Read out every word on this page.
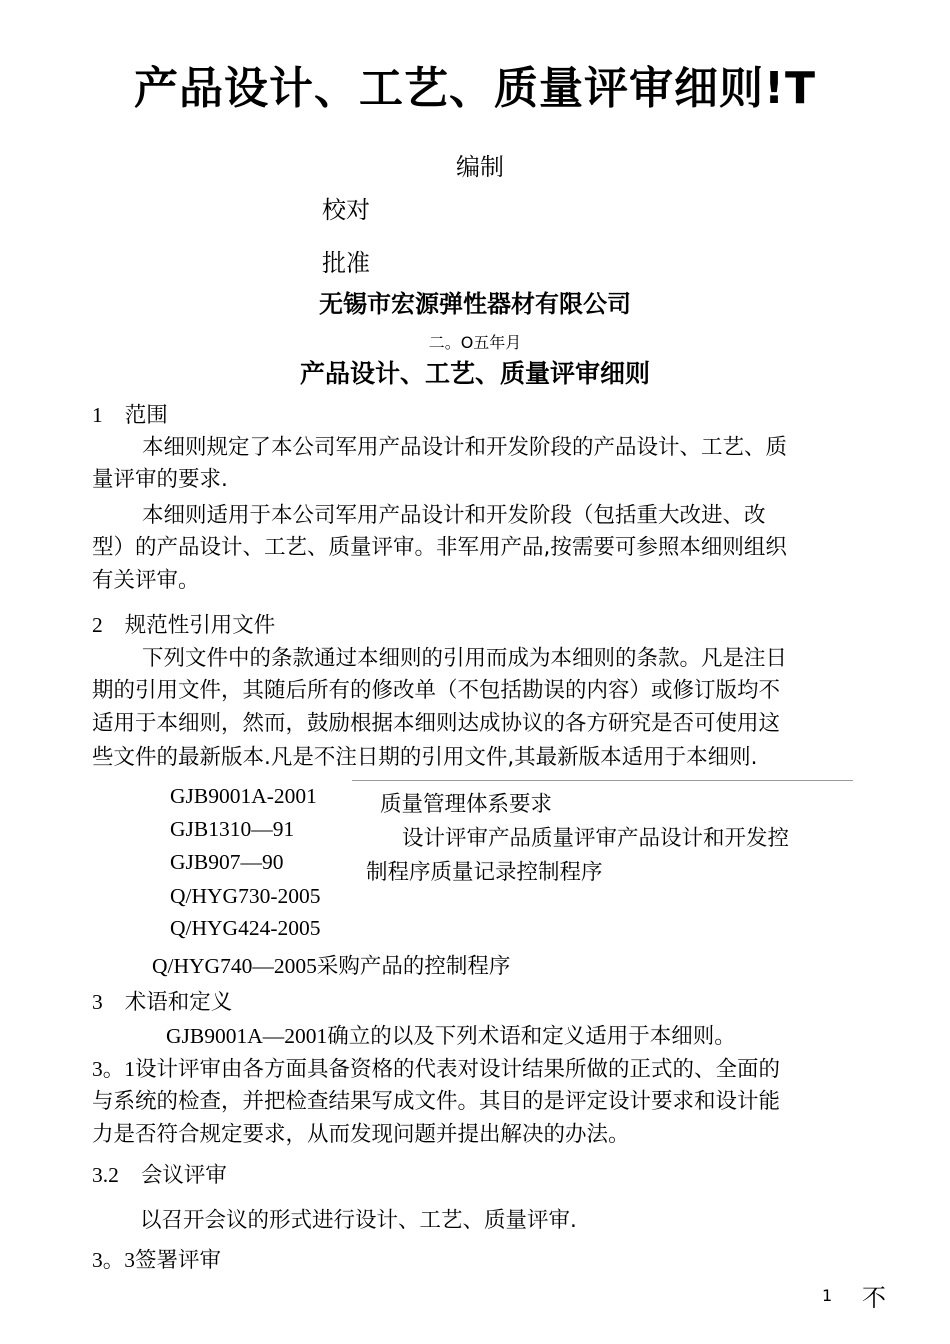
产品设计、工艺、质量评审细则!T
编制
校对
批准
无锡市宏源弹性器材有限公司
二。O五年月
产品设计、工艺、质量评审细则
1 范围
本细则规定了本公司军用产品设计和开发阶段的产品设计、工艺、质
量评审的要求.
本细则适用于本公司军用产品设计和开发阶段（包括重大改进、改
型）的产品设计、工艺、质量评审。非军用产品,按需要可参照本细则组织
有关评审。
2 规范性引用文件
下列文件中的条款通过本细则的引用而成为本细则的条款。凡是注日
期的引用文件，其随后所有的修改单（不包括勘误的内容）或修订版均不
适用于本细则，然而，鼓励根据本细则达成协议的各方研究是否可使用这
些文件的最新版本.凡是不注日期的引用文件,其最新版本适用于本细则.
GJB9001A-2001
GJB1310—91
GJB907—90
Q/HYG730-2005
Q/HYG424-2005
质量管理体系要求
设计评审产品质量评审产品设计和开发控
制程序质量记录控制程序
Q/HYG740—2005采购产品的控制程序
3 术语和定义
GJB9001A—2001确立的以及下列术语和定义适用于本细则。
3。1设计评审由各方面具备资格的代表对设计结果所做的正式的、全面的
与系统的检查，并把检查结果写成文件。其目的是评定设计要求和设计能
力是否符合规定要求，从而发现问题并提出解决的办法。
3.2 会议评审
以召开会议的形式进行设计、工艺、质量评审.
3。3签署评审
1 不
